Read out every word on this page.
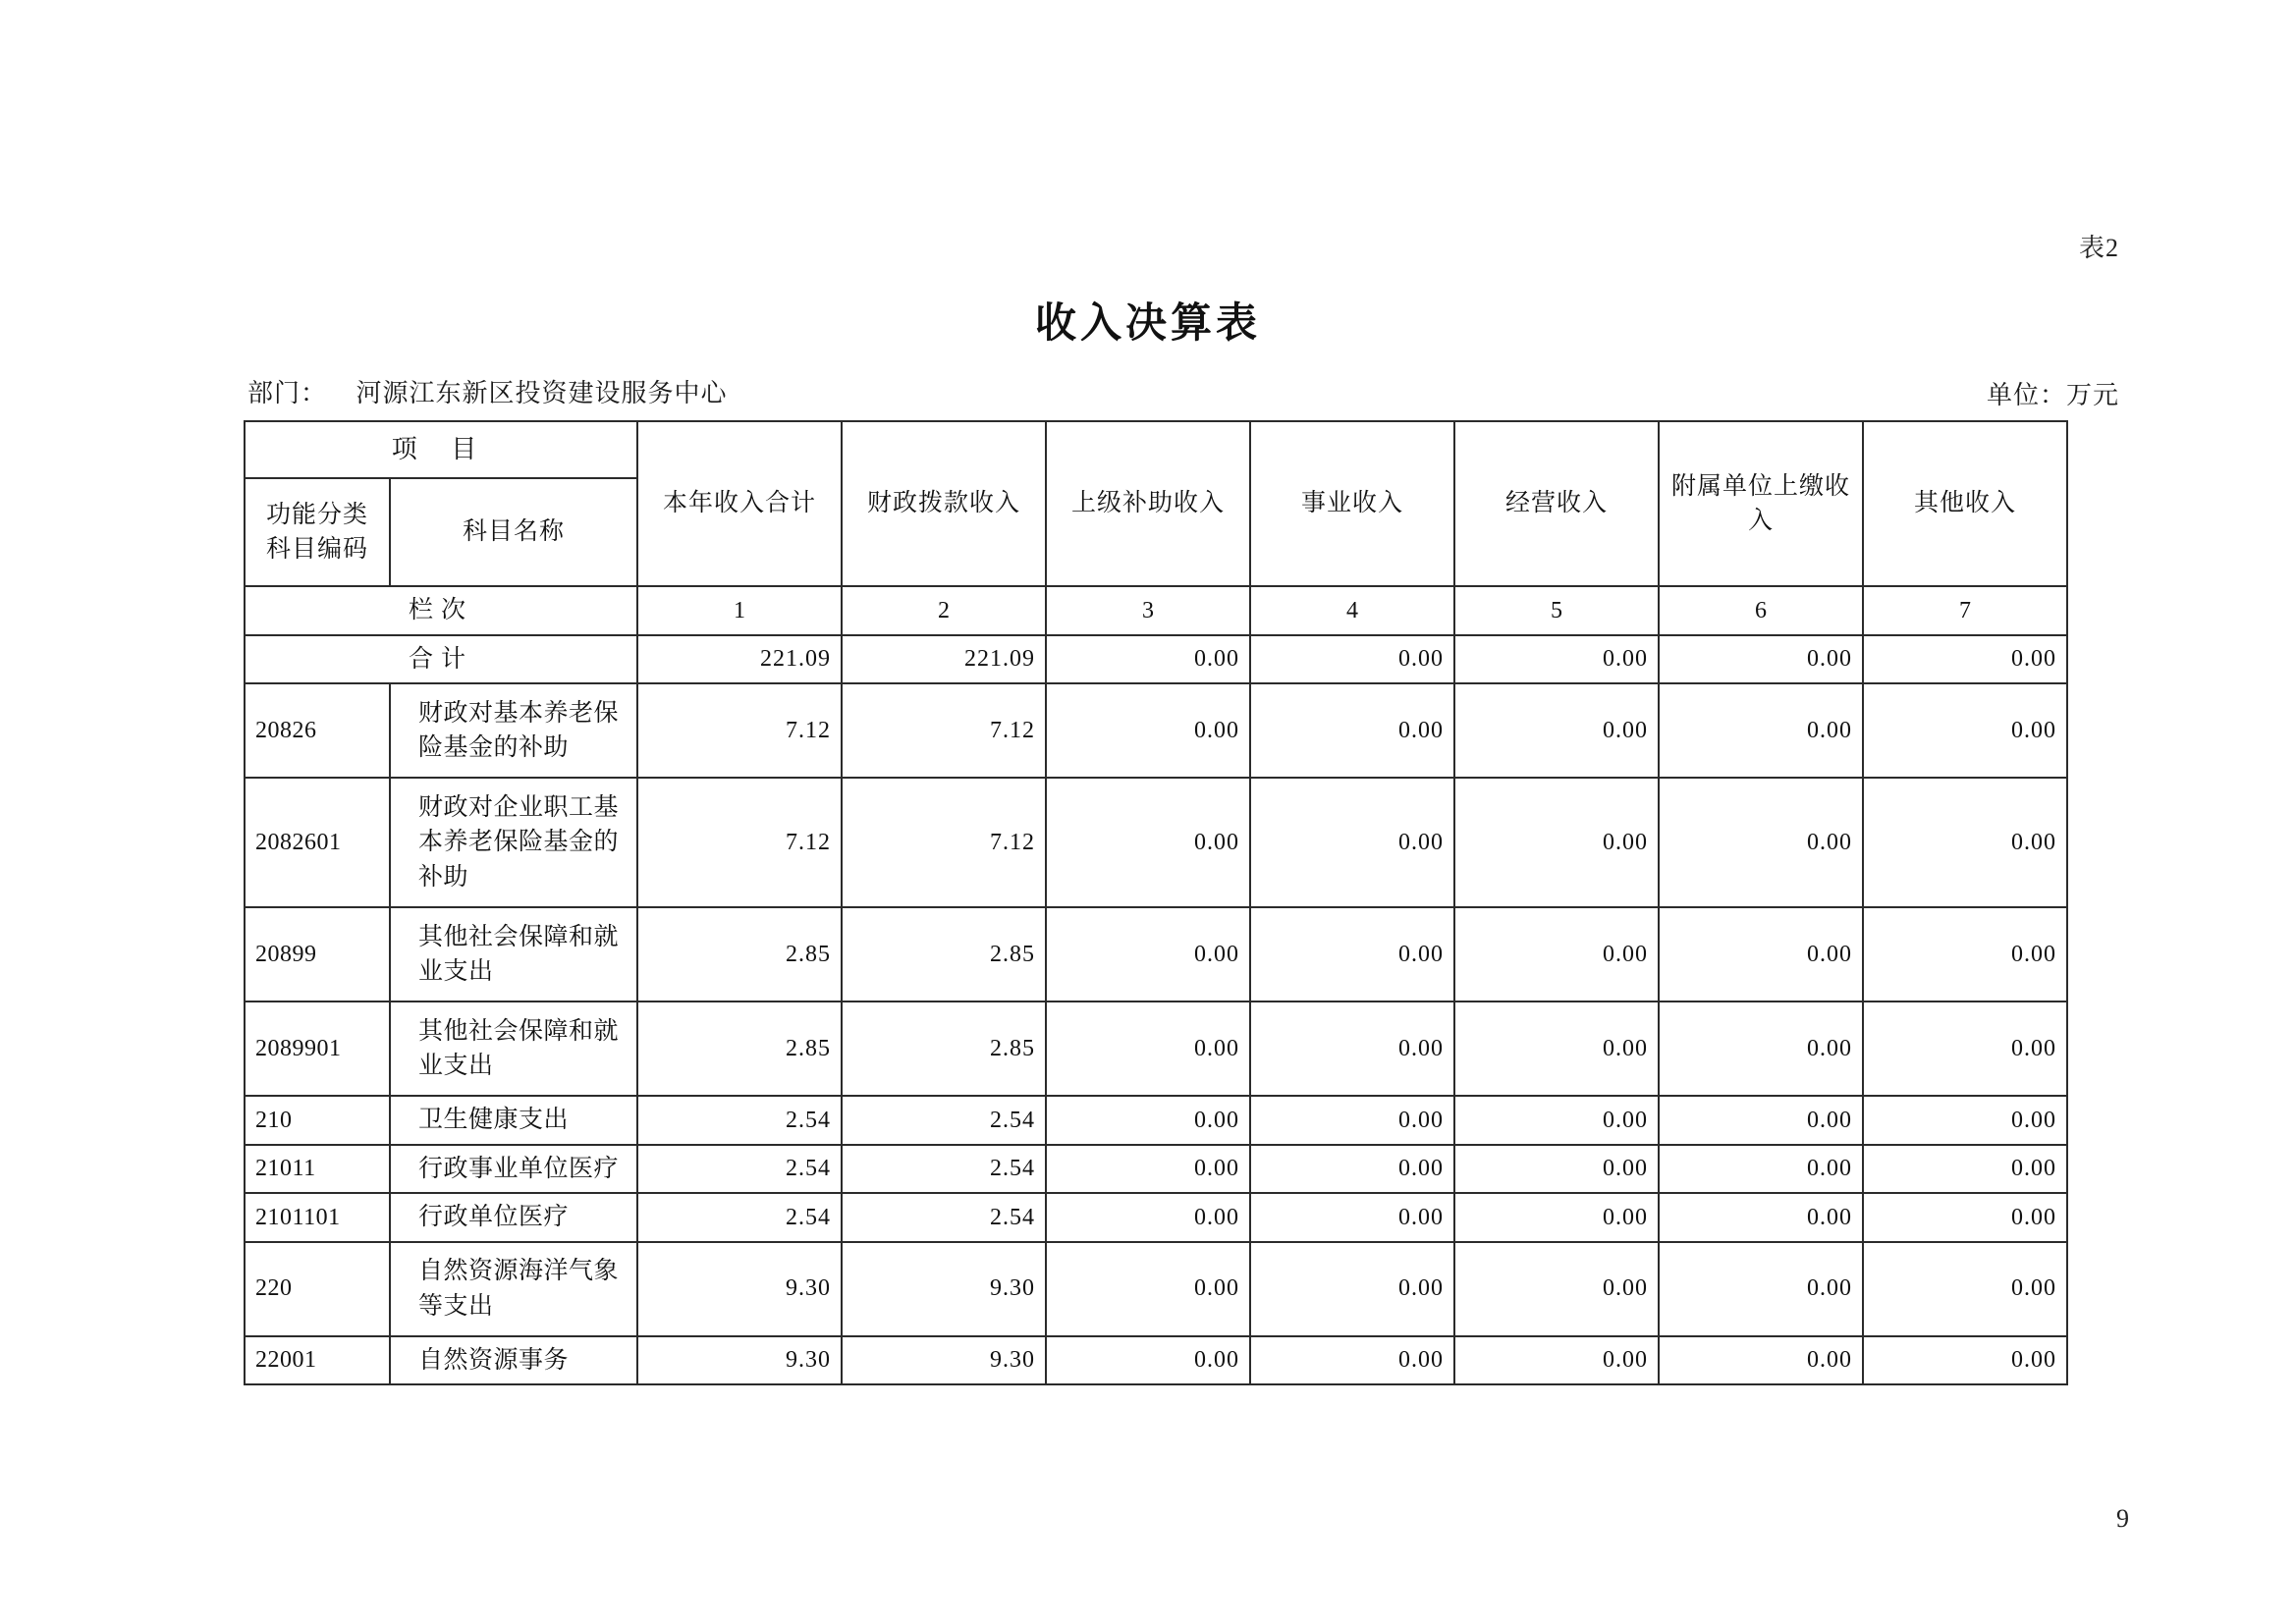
表2
收入决算表
部门： 河源江东新区投资建设服务中心	单位：万元
项 目		本年收入合计	财政拨款收入	上级补助收入	事业收入	经营收入	附属单位上缴收入	其他收入
功能分类
科目编码	科目名称							
栏次		1	2	3	4	5	6	7
合计		221.09	221.09	0.00	0.00	0.00	0.00	0.00
20826	财政对基本养老保险基金的补助	7.12	7.12	0.00	0.00	0.00	0.00	0.00
2082601	财政对企业职工基本养老保险基金的补助	7.12	7.12	0.00	0.00	0.00	0.00	0.00
20899	其他社会保障和就业支出	2.85	2.85	0.00	0.00	0.00	0.00	0.00
2089901	其他社会保障和就业支出	2.85	2.85	0.00	0.00	0.00	0.00	0.00
210	卫生健康支出	2.54	2.54	0.00	0.00	0.00	0.00	0.00
21011	行政事业单位医疗	2.54	2.54	0.00	0.00	0.00	0.00	0.00
2101101	行政单位医疗	2.54	2.54	0.00	0.00	0.00	0.00	0.00
220	自然资源海洋气象等支出	9.30	9.30	0.00	0.00	0.00	0.00	0.00
22001	自然资源事务	9.30	9.30	0.00	0.00	0.00	0.00	0.00
9
